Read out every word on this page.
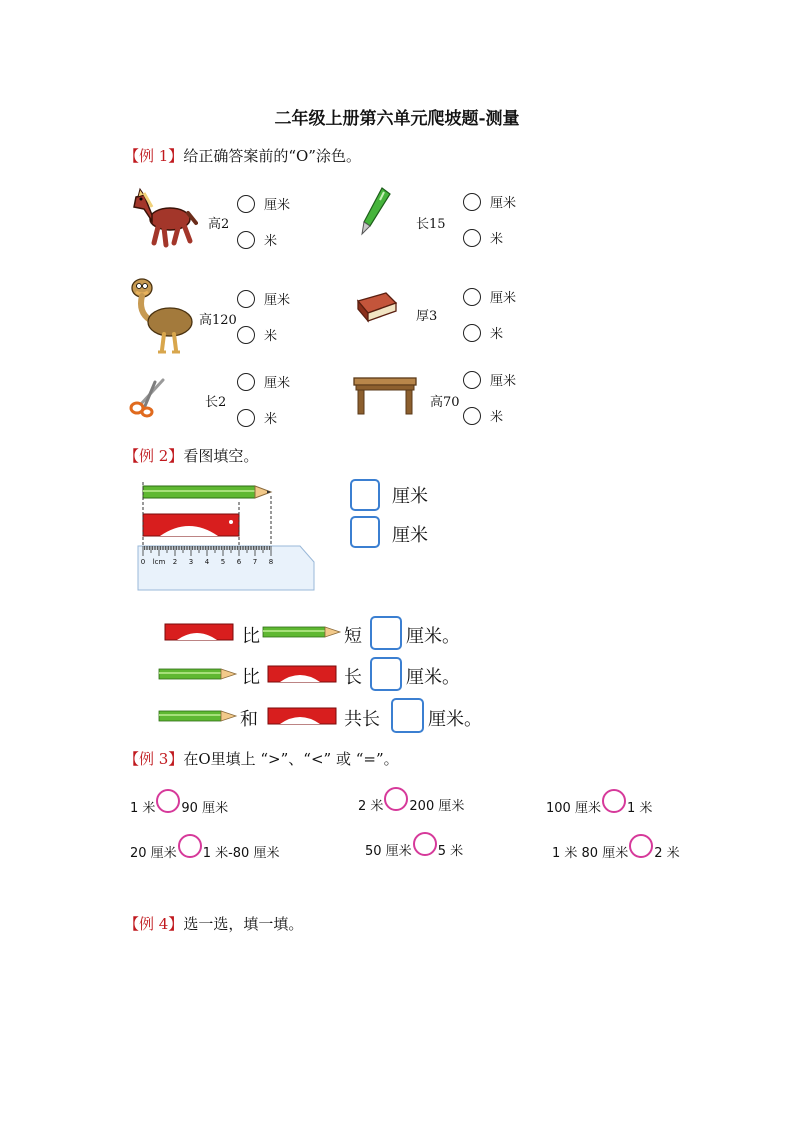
二年级上册第六单元爬坡题-测量
【例 1】给正确答案前的“O”涂色。
高2
厘米
米
长15
厘米
米
高120
厘米
米
厚3
厘米
米
长2
厘米
米
高70
厘米
米
【例 2】看图填空。
0 lcm 2 3 4 5 6 7 8
厘米
厘米
比	短 厘米。
比	长 厘米。
和	共长	厘米。
【例 3】在O里填上 “>”、“<” 或 “=”。
1 米 90 厘米	2 米 200 厘米	100 厘米 1 米
20 厘米 1 米-80 厘米	50 厘米 5 米	1 米 80 厘米 2 米
【例 4】选一选，填一填。
